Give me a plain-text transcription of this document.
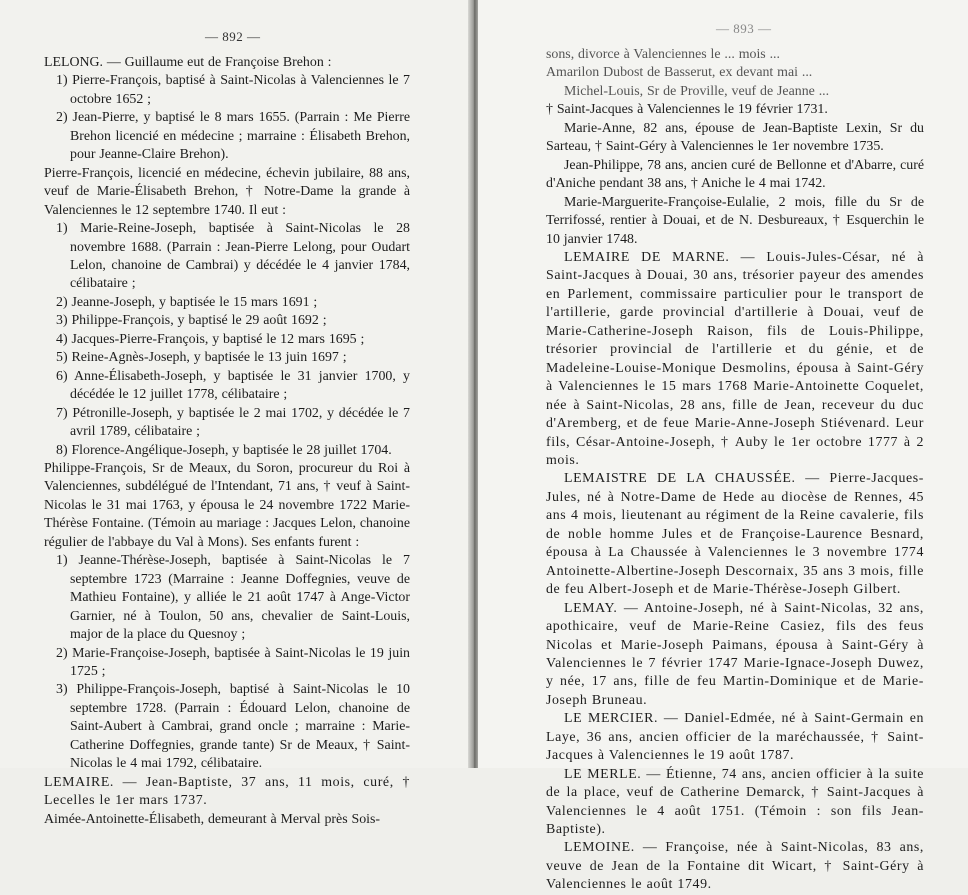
— 892 —

LELONG. — Guillaume eut de Françoise Brehon :

1) Pierre-François, baptisé à Saint-Nicolas à Valenciennes le 7 octobre 1652 ;

2) Jean-Pierre, y baptisé le 8 mars 1655. (Parrain : Me Pierre Brehon licencié en médecine ; marraine : Élisabeth Brehon, pour Jeanne-Claire Brehon).

Pierre-François, licencié en médecine, échevin jubilaire, 88 ans, veuf de Marie-Élisabeth Brehon, † Notre-Dame la grande à Valenciennes le 12 septembre 1740. Il eut :

1) Marie-Reine-Joseph, baptisée à Saint-Nicolas le 28 novembre 1688. (Parrain : Jean-Pierre Lelong, pour Oudart Lelon, chanoine de Cambrai) y décédée le 4 janvier 1784, célibataire ;

2) Jeanne-Joseph, y baptisée le 15 mars 1691 ;

3) Philippe-François, y baptisé le 29 août 1692 ;

4) Jacques-Pierre-François, y baptisé le 12 mars 1695 ;

5) Reine-Agnès-Joseph, y baptisée le 13 juin 1697 ;

6) Anne-Élisabeth-Joseph, y baptisée le 31 janvier 1700, y décédée le 12 juillet 1778, célibataire ;

7) Pétronille-Joseph, y baptisée le 2 mai 1702, y décédée le 7 avril 1789, célibataire ;

8) Florence-Angélique-Joseph, y baptisée le 28 juillet 1704.

Philippe-François, Sr de Meaux, du Soron, procureur du Roi à Valenciennes, subdélégué de l'Intendant, 71 ans, † veuf à Saint-Nicolas le 31 mai 1763, y épousa le 24 novembre 1722 Marie-Thérèse Fontaine. (Témoin au mariage : Jacques Lelon, chanoine régulier de l'abbaye du Val à Mons). Ses enfants furent :

1) Jeanne-Thérèse-Joseph, baptisée à Saint-Nicolas le 7 septembre 1723 (Marraine : Jeanne Doffegnies, veuve de Mathieu Fontaine), y alliée le 21 août 1747 à Ange-Victor Garnier, né à Toulon, 50 ans, chevalier de Saint-Louis, major de la place du Quesnoy ;

2) Marie-Françoise-Joseph, baptisée à Saint-Nicolas le 19 juin 1725 ;

3) Philippe-François-Joseph, baptisé à Saint-Nicolas le 10 septembre 1728. (Parrain : Édouard Lelon, chanoine de Saint-Aubert à Cambrai, grand oncle ; marraine : Marie-Catherine Doffegnies, grande tante) Sr de Meaux, † Saint-Nicolas le 4 mai 1792, célibataire.

LEMAIRE. — Jean-Baptiste, 37 ans, 11 mois, curé, † Lecelles le 1er mars 1737.

Aimée-Antoinette-Élisabeth, demeurant à Merval près Sois-

— 893 —

sons, divorce à Valenciennes le ... mois ...

Amarilon Dubost de Basserut, ex devant mai ...

Michel-Louis, Sr de Proville, veuf de Jeanne ...

† Saint-Jacques à Valenciennes le 19 février 1731.

Marie-Anne, 82 ans, épouse de Jean-Baptiste Lexin, Sr du Sarteau, † Saint-Géry à Valenciennes le 1er novembre 1735.

Jean-Philippe, 78 ans, ancien curé de Bellonne et d'Abarre, curé d'Aniche pendant 38 ans, † Aniche le 4 mai 1742.

Marie-Marguerite-Françoise-Eulalie, 2 mois, fille du Sr de Terrifossé, rentier à Douai, et de N. Desbureaux, † Esquerchin le 10 janvier 1748.

LEMAIRE DE MARNE. — Louis-Jules-César, né à Saint-Jacques à Douai, 30 ans, trésorier payeur des amendes en Parlement, commissaire particulier pour le transport de l'artillerie, garde provincial d'artillerie à Douai, veuf de Marie-Catherine-Joseph Raison, fils de Louis-Philippe, trésorier provincial de l'artillerie et du génie, et de Madeleine-Louise-Monique Desmolins, épousa à Saint-Géry à Valenciennes le 15 mars 1768 Marie-Antoinette Coquelet, née à Saint-Nicolas, 28 ans, fille de Jean, receveur du duc d'Aremberg, et de feue Marie-Anne-Joseph Stiévenard. Leur fils, César-Antoine-Joseph, † Auby le 1er octobre 1777 à 2 mois.

LEMAISTRE DE LA CHAUSSÉE. — Pierre-Jacques-Jules, né à Notre-Dame de Hede au diocèse de Rennes, 45 ans 4 mois, lieutenant au régiment de la Reine cavalerie, fils de noble homme Jules et de Françoise-Laurence Besnard, épousa à La Chaussée à Valenciennes le 3 novembre 1774 Antoinette-Albertine-Joseph Descornaix, 35 ans 3 mois, fille de feu Albert-Joseph et de Marie-Thérèse-Joseph Gilbert.

LEMAY. — Antoine-Joseph, né à Saint-Nicolas, 32 ans, apothicaire, veuf de Marie-Reine Casiez, fils des feus Nicolas et Marie-Joseph Paimans, épousa à Saint-Géry à Valenciennes le 7 février 1747 Marie-Ignace-Joseph Duwez, y née, 17 ans, fille de feu Martin-Dominique et de Marie-Joseph Bruneau.

LE MERCIER. — Daniel-Edmée, né à Saint-Germain en Laye, 36 ans, ancien officier de la maréchaussée, † Saint-Jacques à Valenciennes le 19 août 1787.

LE MERLE. — Étienne, 74 ans, ancien officier à la suite de la place, veuf de Catherine Demarck, † Saint-Jacques à Valenciennes le 4 août 1751. (Témoin : son fils Jean-Baptiste).

LEMOINE. — Françoise, née à Saint-Nicolas, 83 ans, veuve de Jean de la Fontaine dit Wicart, † Saint-Géry à Valenciennes le août 1749.
